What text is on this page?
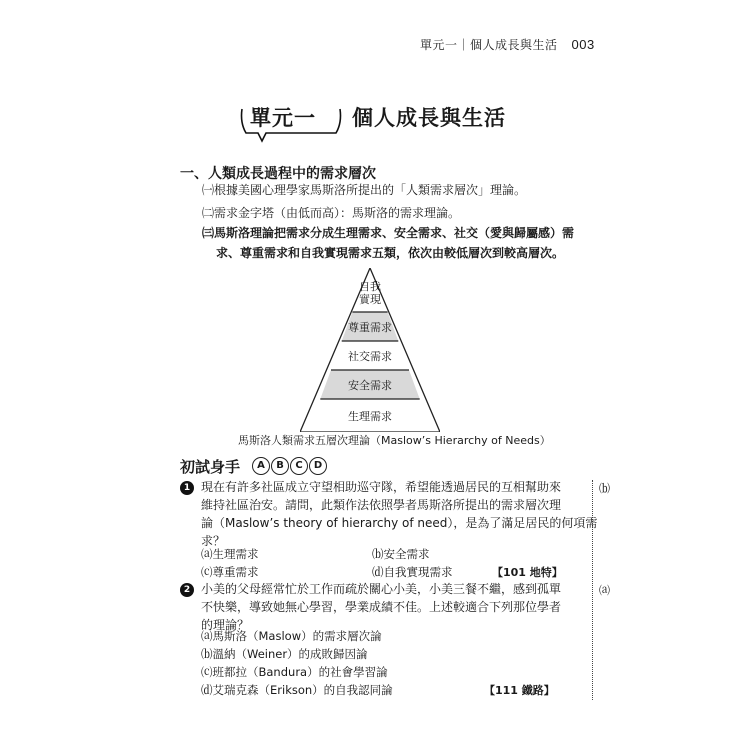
單元一｜個人成長與生活 003
單元一 個人成長與生活
一、人類成長過程中的需求層次
㈠根據美國心理學家馬斯洛所提出的「人類需求層次」理論。
㈡需求金字塔（由低而高）：馬斯洛的需求理論。
㈢馬斯洛理論把需求分成生理需求、安全需求、社交（愛與歸屬感）需
求、尊重需求和自我實現需求五類，依次由較低層次到較高層次。
自我
實現
尊重需求
社交需求
安全需求
生理需求
馬斯洛人類需求五層次理論（Maslow’s Hierarchy of Needs）
初試身手	A B C D
1 現在有許多社區成立守望相助巡守隊，希望能透過居民的互相幫助來
維持社區治安。請問，此類作法依照學者馬斯洛所提出的需求層次理
論（Maslow’s theory of hierarchy of need），是為了滿足居民的何項需
求？
⒜生理需求	⒝安全需求
⒞尊重需求	⒟自我實現需求	【101 地特】
⒝
2 小美的父母經常忙於工作而疏於關心小美，小美三餐不繼，感到孤單
不快樂，導致她無心學習，學業成績不佳。上述較適合下列那位學者
的理論？
⒜馬斯洛（Maslow）的需求層次論
⒝溫納（Weiner）的成敗歸因論
⒞班都拉（Bandura）的社會學習論
⒟艾瑞克森（Erikson）的自我認同論	【111 鐵路】
⒜
